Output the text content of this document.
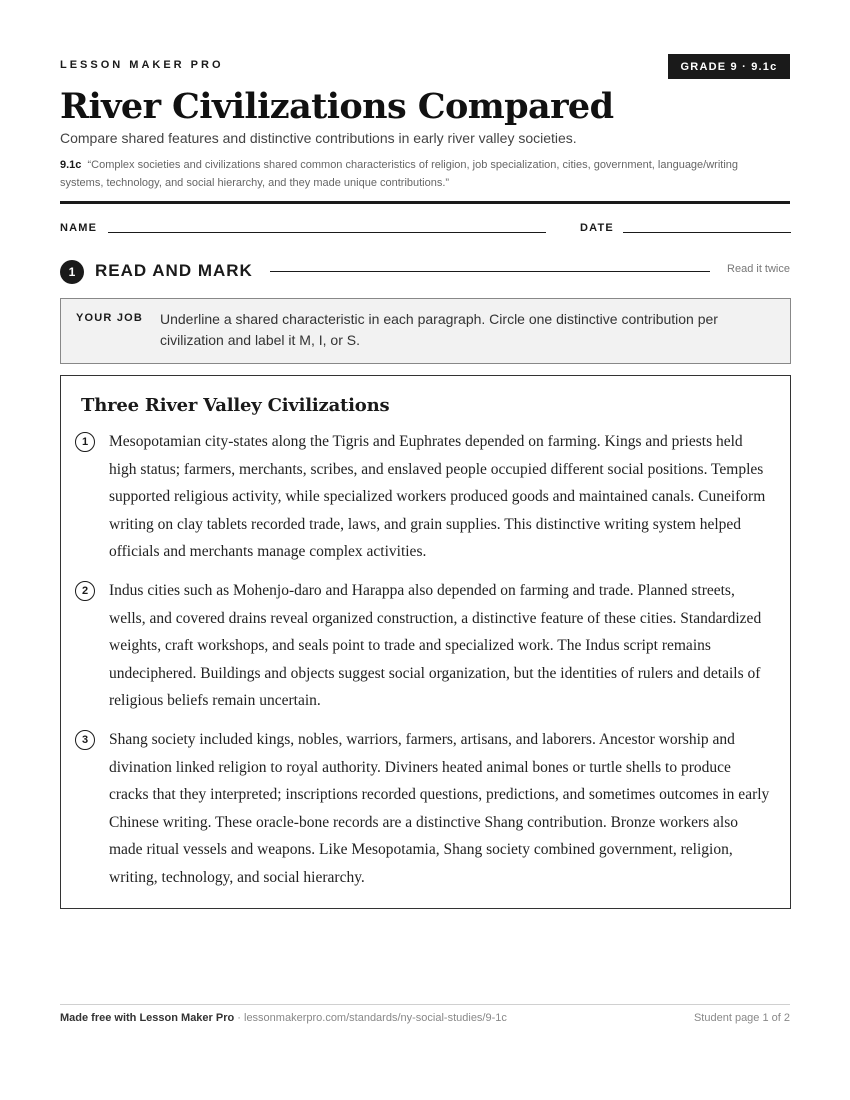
LESSON MAKER PRO	GRADE 9 · 9.1c
River Civilizations Compared
Compare shared features and distinctive contributions in early river valley societies.
9.1c “Complex societies and civilizations shared common characteristics of religion, job specialization, cities, government, language/writing systems, technology, and social hierarchy, and they made unique contributions.”
NAME	DATE
1	READ AND MARK	Read it twice
YOUR JOB Underline a shared characteristic in each paragraph. Circle one distinctive contribution per civilization and label it M, I, or S.
Three River Valley Civilizations
1	Mesopotamian city-states along the Tigris and Euphrates depended on farming. Kings and priests held high status; farmers, merchants, scribes, and enslaved people occupied different social positions. Temples supported religious activity, while specialized workers produced goods and maintained canals. Cuneiform writing on clay tablets recorded trade, laws, and grain supplies. This distinctive writing system helped officials and merchants manage complex activities.
2	Indus cities such as Mohenjo-daro and Harappa also depended on farming and trade. Planned streets, wells, and covered drains reveal organized construction, a distinctive feature of these cities. Standardized weights, craft workshops, and seals point to trade and specialized work. The Indus script remains undeciphered. Buildings and objects suggest social organization, but the identities of rulers and details of religious beliefs remain uncertain.
3	Shang society included kings, nobles, warriors, farmers, artisans, and laborers. Ancestor worship and divination linked religion to royal authority. Diviners heated animal bones or turtle shells to produce cracks that they interpreted; inscriptions recorded questions, predictions, and sometimes outcomes in early Chinese writing. These oracle-bone records are a distinctive Shang contribution. Bronze workers also made ritual vessels and weapons. Like Mesopotamia, Shang society combined government, religion, writing, technology, and social hierarchy.
Made free with Lesson Maker Pro · lessonmakerpro.com/standards/ny-social-studies/9-1c	Student page 1 of 2
